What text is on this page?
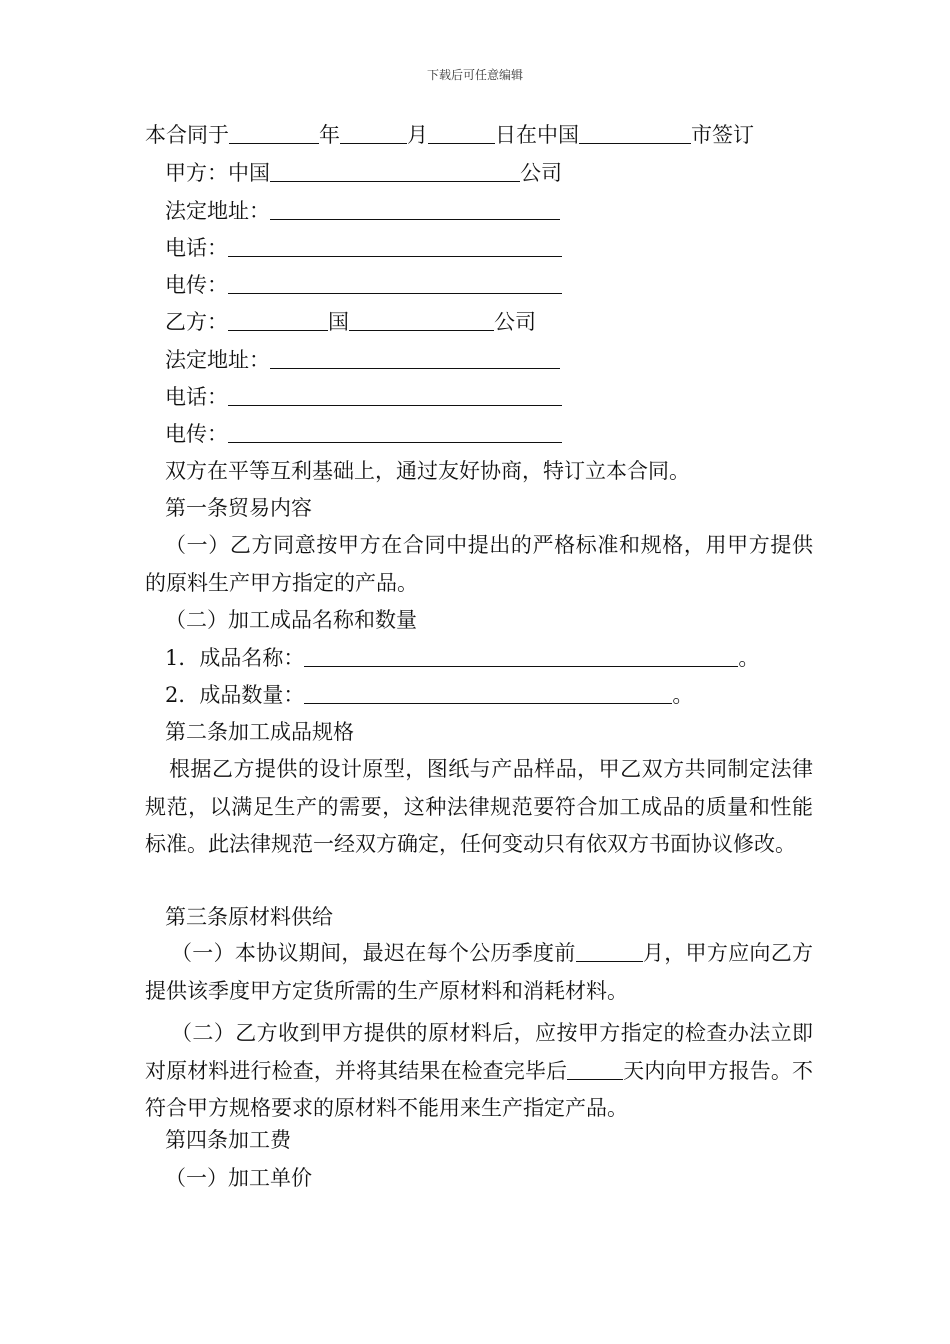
下载后可任意编辑
本合同于	年	月	日在中国	市签订
甲方：中国	公司
法定地址：
电话：
电传：
乙方：	国	公司
法定地址：
电话：
电传：
双方在平等互利基础上，通过友好协商，特订立本合同。
第一条贸易内容
（一）乙方同意按甲方在合同中提出的严格标准和规格，用甲方提供的原料生产甲方指定的产品。
（二）加工成品名称和数量
1．成品名称：	。
2．成品数量：	。
第二条加工成品规格
根据乙方提供的设计原型，图纸与产品样品，甲乙双方共同制定法律规范，以满足生产的需要，这种法律规范要符合加工成品的质量和性能标准。此法律规范一经双方确定，任何变动只有依双方书面协议修改。
第三条原材料供给
（一）本协议期间，最迟在每个公历季度前	月，甲方应向乙方提供该季度甲方定货所需的生产原材料和消耗材料。
（二）乙方收到甲方提供的原材料后，应按甲方指定的检查办法立即对原材料进行检查，并将其结果在检查完毕后	天内向甲方报告。不符合甲方规格要求的原材料不能用来生产指定产品。
第四条加工费
（一）加工单价
